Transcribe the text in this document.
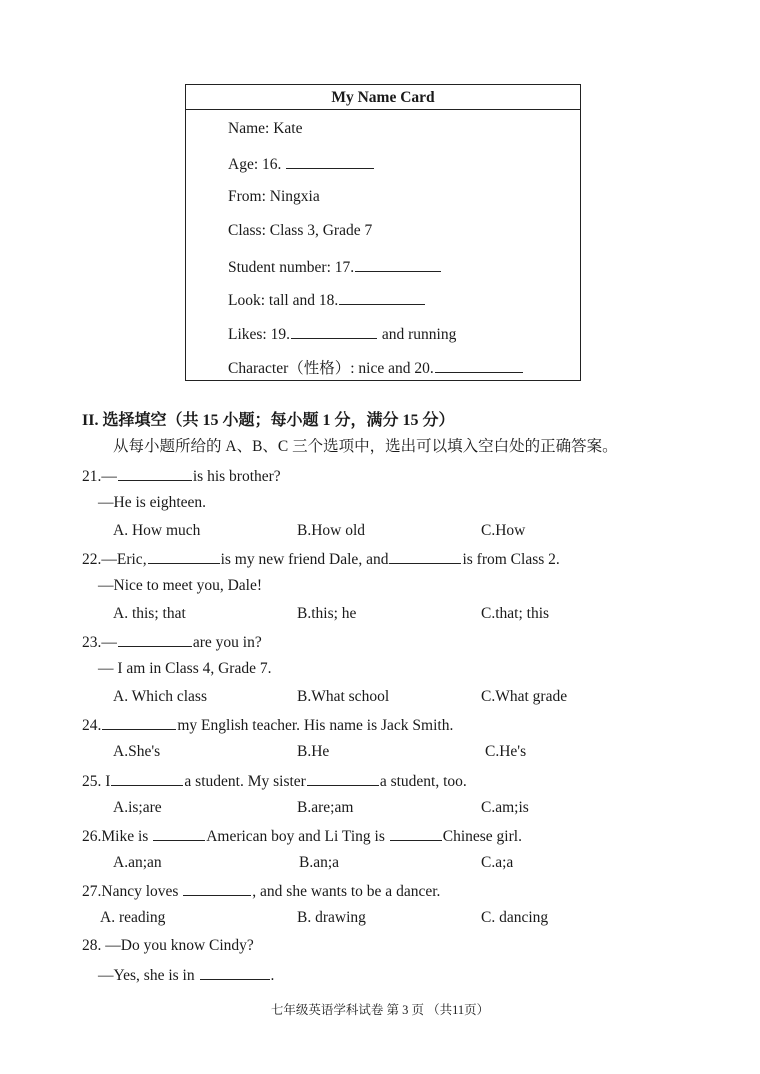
My Name Card
Name: Kate
Age: 16.
From: Ningxia
Class: Class 3, Grade 7
Student number: 17.
Look: tall and 18.
Likes: 19.	and running
Character（性格）: nice and 20.
II. 选择填空（共 15 小题；每小题 1 分，满分 15 分）
从每小题所给的 A、B、C 三个选项中，选出可以填入空白处的正确答案。
21.—	is his brother?
—He is eighteen.
A. How much	B.How old	C.How
22.—Eric,	is my new friend Dale, and	is from Class 2.
—Nice to meet you, Dale!
A. this; that	B.this; he	C.that; this
23.—	are you in?
— I am in Class 4, Grade 7.
A. Which class	B.What school	C.What grade
24.	my English teacher. His name is Jack Smith.
A.She's	B.He	C.He's
25. I	a student. My sister	a student, too.
A.is;are	B.are;am	C.am;is
26.Mike is	American boy and Li Ting is	Chinese girl.
A.an;an	B.an;a	C.a;a
27.Nancy loves	, and she wants to be a dancer.
A. reading	B. drawing	C. dancing
28. —Do you know Cindy?
—Yes, she is in	.
七年级英语学科试卷 第 3 页 （共11页）
